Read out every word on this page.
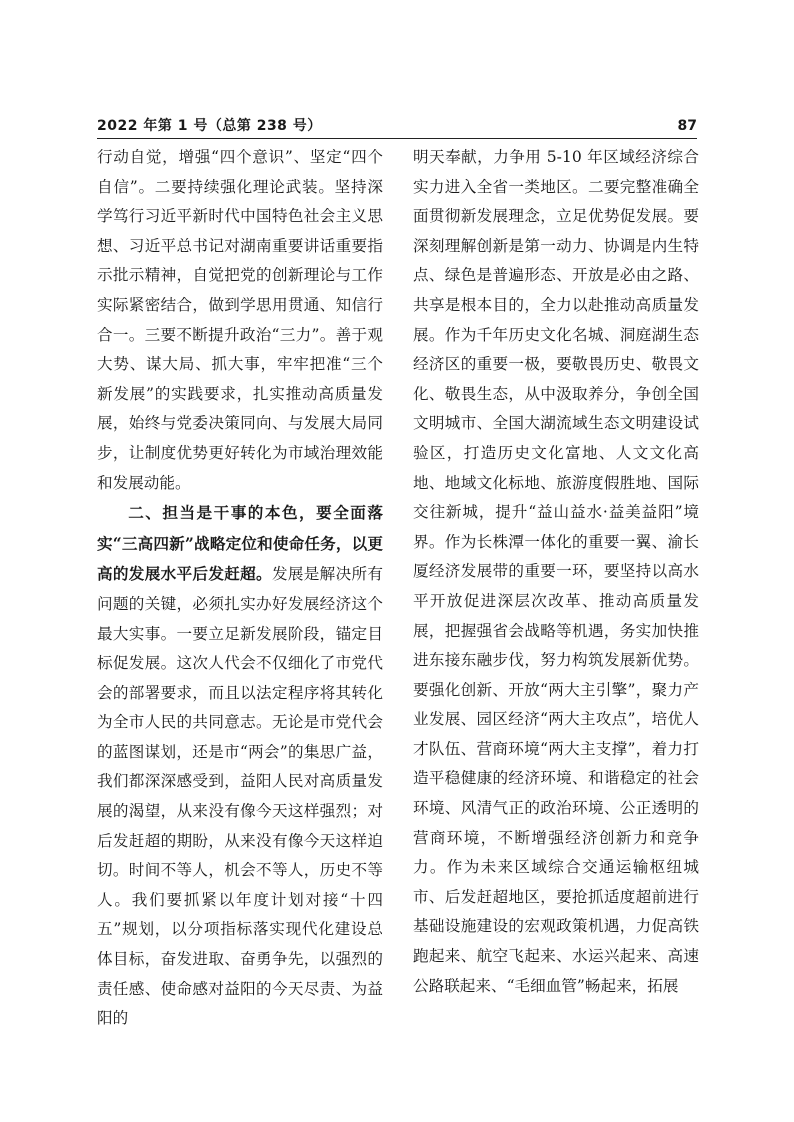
2022 年第 1 号（总第 238 号）	87

行动自觉，增强“四个意识”、坚定“四个自信”。二要持续强化理论武装。坚持深学笃行习近平新时代中国特色社会主义思想、习近平总书记对湖南重要讲话重要指示批示精神，自觉把党的创新理论与工作实际紧密结合，做到学思用贯通、知信行合一。三要不断提升政治“三力”。善于观大势、谋大局、抓大事，牢牢把准“三个新发展”的实践要求，扎实推动高质量发展，始终与党委决策同向、与发展大局同步，让制度优势更好转化为市域治理效能和发展动能。

二、担当是干事的本色，要全面落实“三高四新”战略定位和使命任务，以更高的发展水平后发赶超。发展是解决所有问题的关键，必须扎实办好发展经济这个最大实事。一要立足新发展阶段，锚定目标促发展。这次人代会不仅细化了市党代会的部署要求，而且以法定程序将其转化为全市人民的共同意志。无论是市党代会的蓝图谋划，还是市“两会”的集思广益，我们都深深感受到，益阳人民对高质量发展的渴望，从来没有像今天这样强烈；对后发赶超的期盼，从来没有像今天这样迫切。时间不等人，机会不等人，历史不等人。我们要抓紧以年度计划对接“十四五”规划，以分项指标落实现代化建设总体目标，奋发进取、奋勇争先，以强烈的责任感、使命感对益阳的今天尽责、为益阳的

明天奉献，力争用 5-10 年区域经济综合实力进入全省一类地区。二要完整准确全面贯彻新发展理念，立足优势促发展。要深刻理解创新是第一动力、协调是内生特点、绿色是普遍形态、开放是必由之路、共享是根本目的，全力以赴推动高质量发展。作为千年历史文化名城、洞庭湖生态经济区的重要一极，要敬畏历史、敬畏文化、敬畏生态，从中汲取养分，争创全国文明城市、全国大湖流域生态文明建设试验区，打造历史文化富地、人文文化高地、地域文化标地、旅游度假胜地、国际交往新城，提升“益山益水·益美益阳”境界。作为长株潭一体化的重要一翼、渝长厦经济发展带的重要一环，要坚持以高水平开放促进深层次改革、推动高质量发展，把握强省会战略等机遇，务实加快推进东接东融步伐，努力构筑发展新优势。要强化创新、开放“两大主引擎”，聚力产业发展、园区经济“两大主攻点”，培优人才队伍、营商环境“两大主支撑”，着力打造平稳健康的经济环境、和谐稳定的社会环境、风清气正的政治环境、公正透明的营商环境，不断增强经济创新力和竞争力。作为未来区域综合交通运输枢纽城市、后发赶超地区，要抢抓适度超前进行基础设施建设的宏观政策机遇，力促高铁跑起来、航空飞起来、水运兴起来、高速公路联起来、“毛细血管”畅起来，拓展
